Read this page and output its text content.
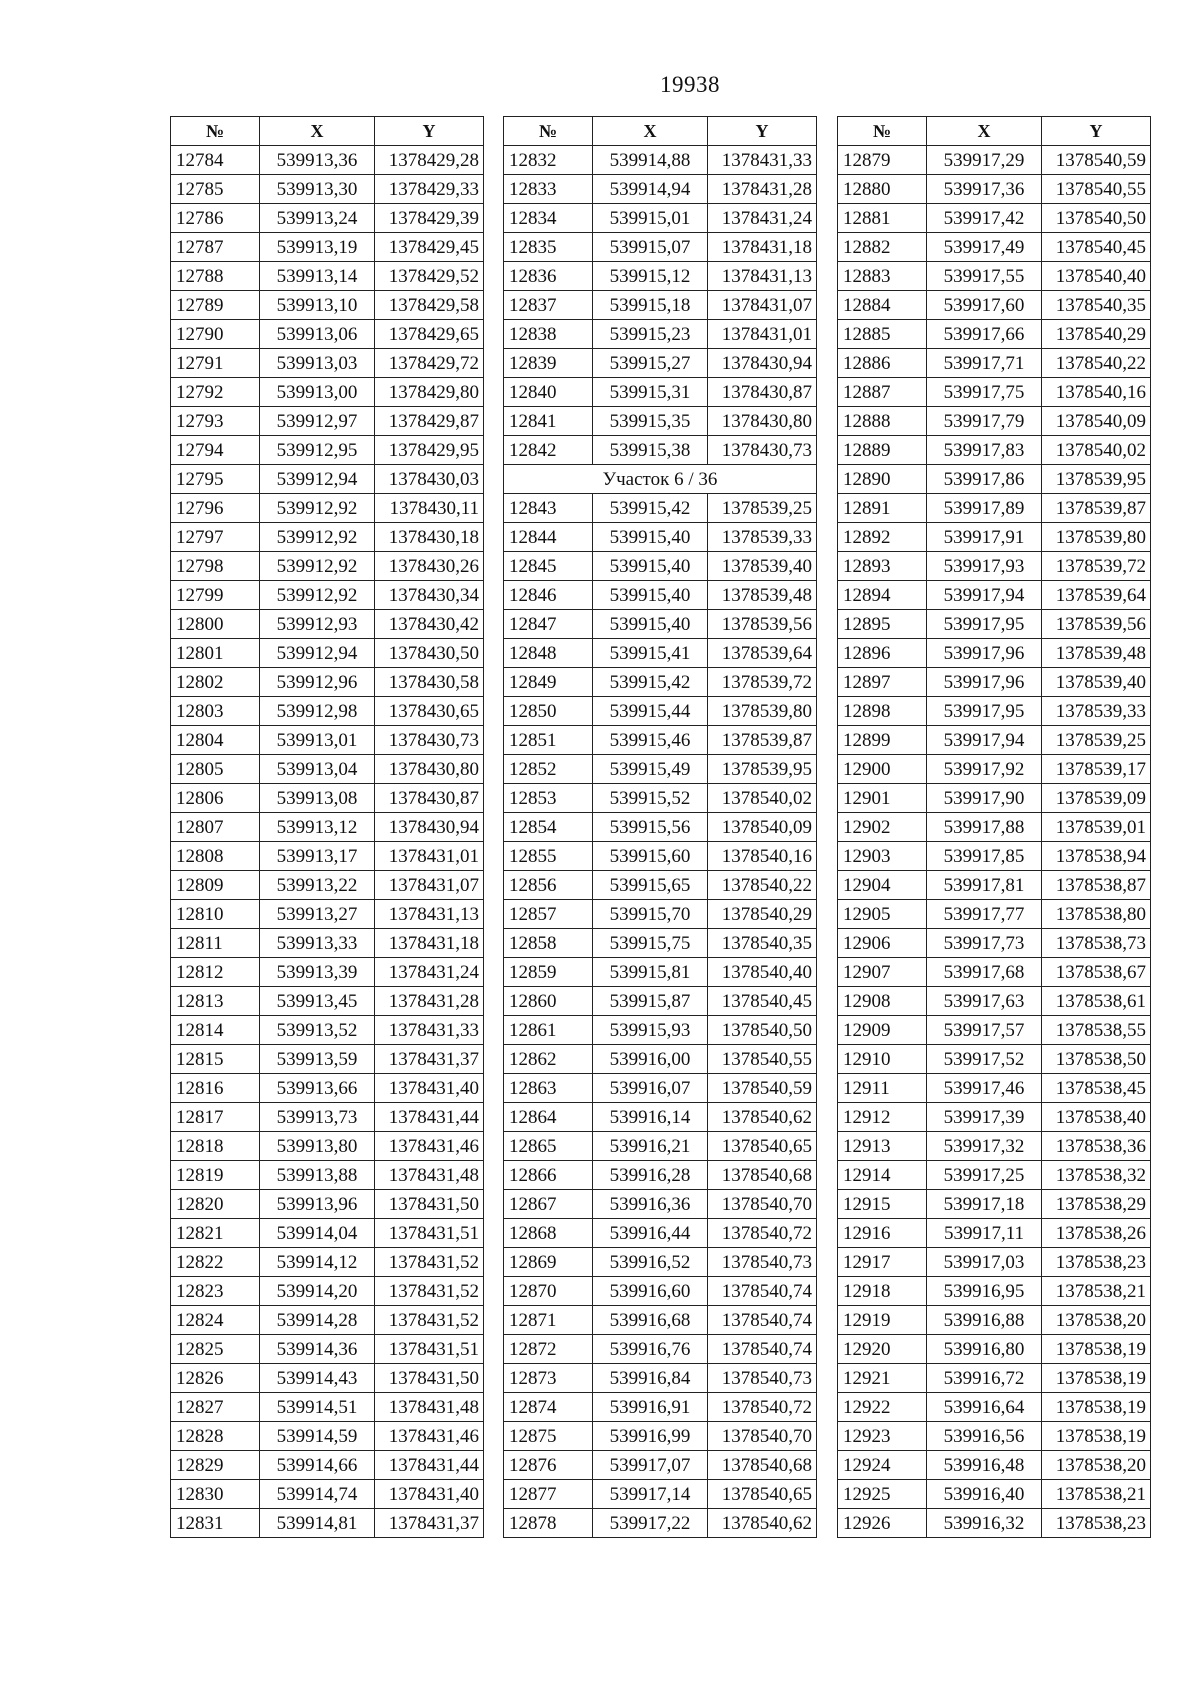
19938
№	X	Y
12784	539913,36	1378429,28
12785	539913,30	1378429,33
12786	539913,24	1378429,39
12787	539913,19	1378429,45
12788	539913,14	1378429,52
12789	539913,10	1378429,58
12790	539913,06	1378429,65
12791	539913,03	1378429,72
12792	539913,00	1378429,80
12793	539912,97	1378429,87
12794	539912,95	1378429,95
12795	539912,94	1378430,03
12796	539912,92	1378430,11
12797	539912,92	1378430,18
12798	539912,92	1378430,26
12799	539912,92	1378430,34
12800	539912,93	1378430,42
12801	539912,94	1378430,50
12802	539912,96	1378430,58
12803	539912,98	1378430,65
12804	539913,01	1378430,73
12805	539913,04	1378430,80
12806	539913,08	1378430,87
12807	539913,12	1378430,94
12808	539913,17	1378431,01
12809	539913,22	1378431,07
12810	539913,27	1378431,13
12811	539913,33	1378431,18
12812	539913,39	1378431,24
12813	539913,45	1378431,28
12814	539913,52	1378431,33
12815	539913,59	1378431,37
12816	539913,66	1378431,40
12817	539913,73	1378431,44
12818	539913,80	1378431,46
12819	539913,88	1378431,48
12820	539913,96	1378431,50
12821	539914,04	1378431,51
12822	539914,12	1378431,52
12823	539914,20	1378431,52
12824	539914,28	1378431,52
12825	539914,36	1378431,51
12826	539914,43	1378431,50
12827	539914,51	1378431,48
12828	539914,59	1378431,46
12829	539914,66	1378431,44
12830	539914,74	1378431,40
12831	539914,81	1378431,37
№	X	Y
12832	539914,88	1378431,33
12833	539914,94	1378431,28
12834	539915,01	1378431,24
12835	539915,07	1378431,18
12836	539915,12	1378431,13
12837	539915,18	1378431,07
12838	539915,23	1378431,01
12839	539915,27	1378430,94
12840	539915,31	1378430,87
12841	539915,35	1378430,80
12842	539915,38	1378430,73
Участок 6 / 36		
12843	539915,42	1378539,25
12844	539915,40	1378539,33
12845	539915,40	1378539,40
12846	539915,40	1378539,48
12847	539915,40	1378539,56
12848	539915,41	1378539,64
12849	539915,42	1378539,72
12850	539915,44	1378539,80
12851	539915,46	1378539,87
12852	539915,49	1378539,95
12853	539915,52	1378540,02
12854	539915,56	1378540,09
12855	539915,60	1378540,16
12856	539915,65	1378540,22
12857	539915,70	1378540,29
12858	539915,75	1378540,35
12859	539915,81	1378540,40
12860	539915,87	1378540,45
12861	539915,93	1378540,50
12862	539916,00	1378540,55
12863	539916,07	1378540,59
12864	539916,14	1378540,62
12865	539916,21	1378540,65
12866	539916,28	1378540,68
12867	539916,36	1378540,70
12868	539916,44	1378540,72
12869	539916,52	1378540,73
12870	539916,60	1378540,74
12871	539916,68	1378540,74
12872	539916,76	1378540,74
12873	539916,84	1378540,73
12874	539916,91	1378540,72
12875	539916,99	1378540,70
12876	539917,07	1378540,68
12877	539917,14	1378540,65
12878	539917,22	1378540,62
№	X	Y
12879	539917,29	1378540,59
12880	539917,36	1378540,55
12881	539917,42	1378540,50
12882	539917,49	1378540,45
12883	539917,55	1378540,40
12884	539917,60	1378540,35
12885	539917,66	1378540,29
12886	539917,71	1378540,22
12887	539917,75	1378540,16
12888	539917,79	1378540,09
12889	539917,83	1378540,02
12890	539917,86	1378539,95
12891	539917,89	1378539,87
12892	539917,91	1378539,80
12893	539917,93	1378539,72
12894	539917,94	1378539,64
12895	539917,95	1378539,56
12896	539917,96	1378539,48
12897	539917,96	1378539,40
12898	539917,95	1378539,33
12899	539917,94	1378539,25
12900	539917,92	1378539,17
12901	539917,90	1378539,09
12902	539917,88	1378539,01
12903	539917,85	1378538,94
12904	539917,81	1378538,87
12905	539917,77	1378538,80
12906	539917,73	1378538,73
12907	539917,68	1378538,67
12908	539917,63	1378538,61
12909	539917,57	1378538,55
12910	539917,52	1378538,50
12911	539917,46	1378538,45
12912	539917,39	1378538,40
12913	539917,32	1378538,36
12914	539917,25	1378538,32
12915	539917,18	1378538,29
12916	539917,11	1378538,26
12917	539917,03	1378538,23
12918	539916,95	1378538,21
12919	539916,88	1378538,20
12920	539916,80	1378538,19
12921	539916,72	1378538,19
12922	539916,64	1378538,19
12923	539916,56	1378538,19
12924	539916,48	1378538,20
12925	539916,40	1378538,21
12926	539916,32	1378538,23
